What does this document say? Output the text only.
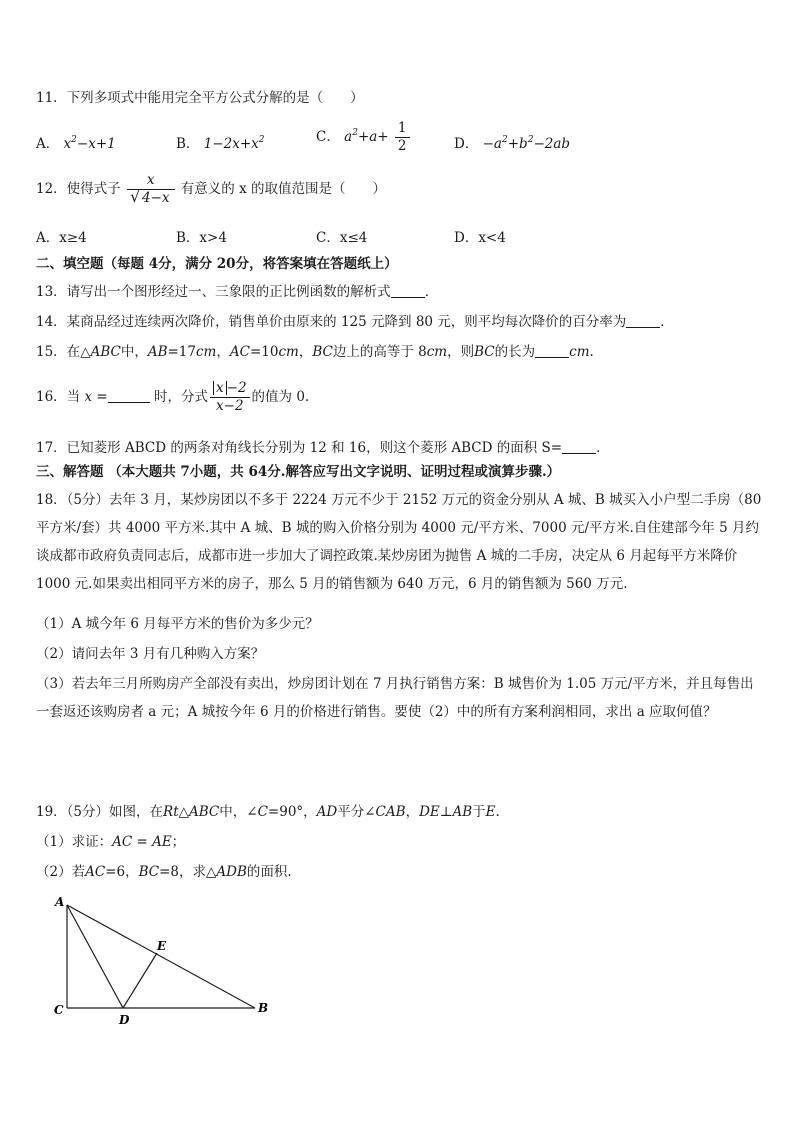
11．下列多项式中能用完全平方公式分解的是（　　）
A． $x^2-x+1$	B． $1-2x+x^2$	C． $a^2+a+ \frac{1}{2}$	D． $-a^2+b^2-2ab$
12．使得式子 $\frac{x}{√ 4-x}$ 有意义的 x 的取值范围是（　　）
A．x≥4	B．x>4	C．x≤4	D．x<4
二、填空题（每题 4分，满分 20分，将答案填在答题纸上）
13．请写出一个图形经过一、三象限的正比例函数的解析式	．
14．某商品经过连续两次降价，销售单价由原来的 125 元降到 80 元，则平均每次降价的百分率为	．
15．在△ABC中，AB=17cm，AC=10cm，BC边上的高等于 8cm，则BC的长为	cm.
16．当 x =	时，分式 $\frac{x -2}{x-2}$ 的值为 0.
17．已知菱形 ABCD 的两条对角线长分别为 12 和 16，则这个菱形 ABCD 的面积 S=	．
三、解答题 （本大题共 7小题，共 64分.解答应写出文字说明、证明过程或演算步骤.）
18．（5分）去年 3 月，某炒房团以不多于 2224 万元不少于 2152 万元的资金分别从 A 城、B 城买入小户型二手房（80 平方米/套）共 4000 平方米.其中 A 城、B 城的购入价格分别为 4000 元/平方米、7000 元/平方米.自住建部今年 5 月约谈成都市政府负责同志后，成都市进一步加大了调控政策.某炒房团为抛售 A 城的二手房，决定从 6 月起每平方米降价 1000 元.如果卖出相同平方米的房子，那么 5 月的销售额为 640 万元，6 月的销售额为 560 万元.
（1）A 城今年 6 月每平方米的售价为多少元？
（2）请问去年 3 月有几种购入方案？
（3）若去年三月所购房产全部没有卖出，炒房团计划在 7 月执行销售方案：B 城售价为 1.05 万元/平方米，并且每售出一套返还该购房者 a 元；A 城按今年 6 月的价格进行销售。要使（2）中的所有方案利润相同，求出 a 应取何值？
19．（5分）如图，在Rt△ABC中，∠C=90°，AD平分∠CAB，DE⊥AB于E.
（1）求证：AC = AE；
（2）若AC=6，BC=8，求△ADB的面积.
A
C
D
E
B
